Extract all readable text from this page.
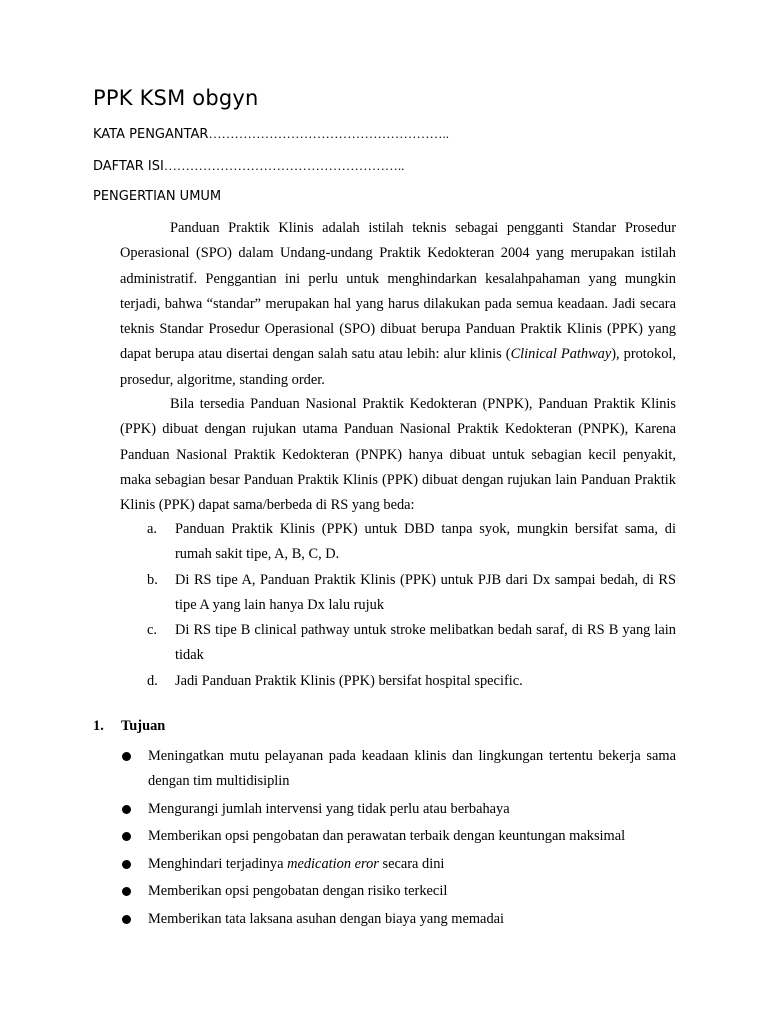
PPK KSM obgyn
KATA PENGANTAR………………………………………………..
DAFTAR ISI………………………………………………..
PENGERTIAN UMUM

Panduan Praktik Klinis adalah istilah teknis sebagai pengganti Standar Prosedur Operasional (SPO) dalam Undang-undang Praktik Kedokteran 2004 yang merupakan istilah administratif. Penggantian ini perlu untuk menghindarkan kesalahpahaman yang mungkin terjadi, bahwa “standar” merupakan hal yang harus dilakukan pada semua keadaan. Jadi secara teknis Standar Prosedur Operasional (SPO) dibuat berupa Panduan Praktik Klinis (PPK) yang dapat berupa atau disertai dengan salah satu atau lebih: alur klinis (Clinical Pathway), protokol, prosedur, algoritme, standing order.

Bila tersedia Panduan Nasional Praktik Kedokteran (PNPK), Panduan Praktik Klinis (PPK) dibuat dengan rujukan utama Panduan Nasional Praktik Kedokteran (PNPK), Karena Panduan Nasional Praktik Kedokteran (PNPK) hanya dibuat untuk sebagian kecil penyakit, maka sebagian besar Panduan Praktik Klinis (PPK) dibuat dengan rujukan lain Panduan Praktik Klinis (PPK) dapat sama/berbeda di RS yang beda:

a. Panduan Praktik Klinis (PPK) untuk DBD tanpa syok, mungkin bersifat sama, di rumah sakit tipe, A, B, C, D.
b. Di RS tipe A, Panduan Praktik Klinis (PPK) untuk PJB dari Dx sampai bedah, di RS tipe A yang lain hanya Dx lalu rujuk
c. Di RS tipe B clinical pathway untuk stroke melibatkan bedah saraf, di RS B yang lain tidak
d. Jadi Panduan Praktik Klinis (PPK) bersifat hospital specific.
1. Tujuan
Meningatkan mutu pelayanan pada keadaan klinis dan lingkungan tertentu bekerja sama dengan tim multidisiplin
Mengurangi jumlah intervensi yang tidak perlu atau berbahaya
Memberikan opsi pengobatan dan perawatan terbaik dengan keuntungan maksimal
Menghindari terjadinya medication eror secara dini
Memberikan opsi pengobatan dengan risiko terkecil
Memberikan tata laksana asuhan dengan biaya yang memadai
